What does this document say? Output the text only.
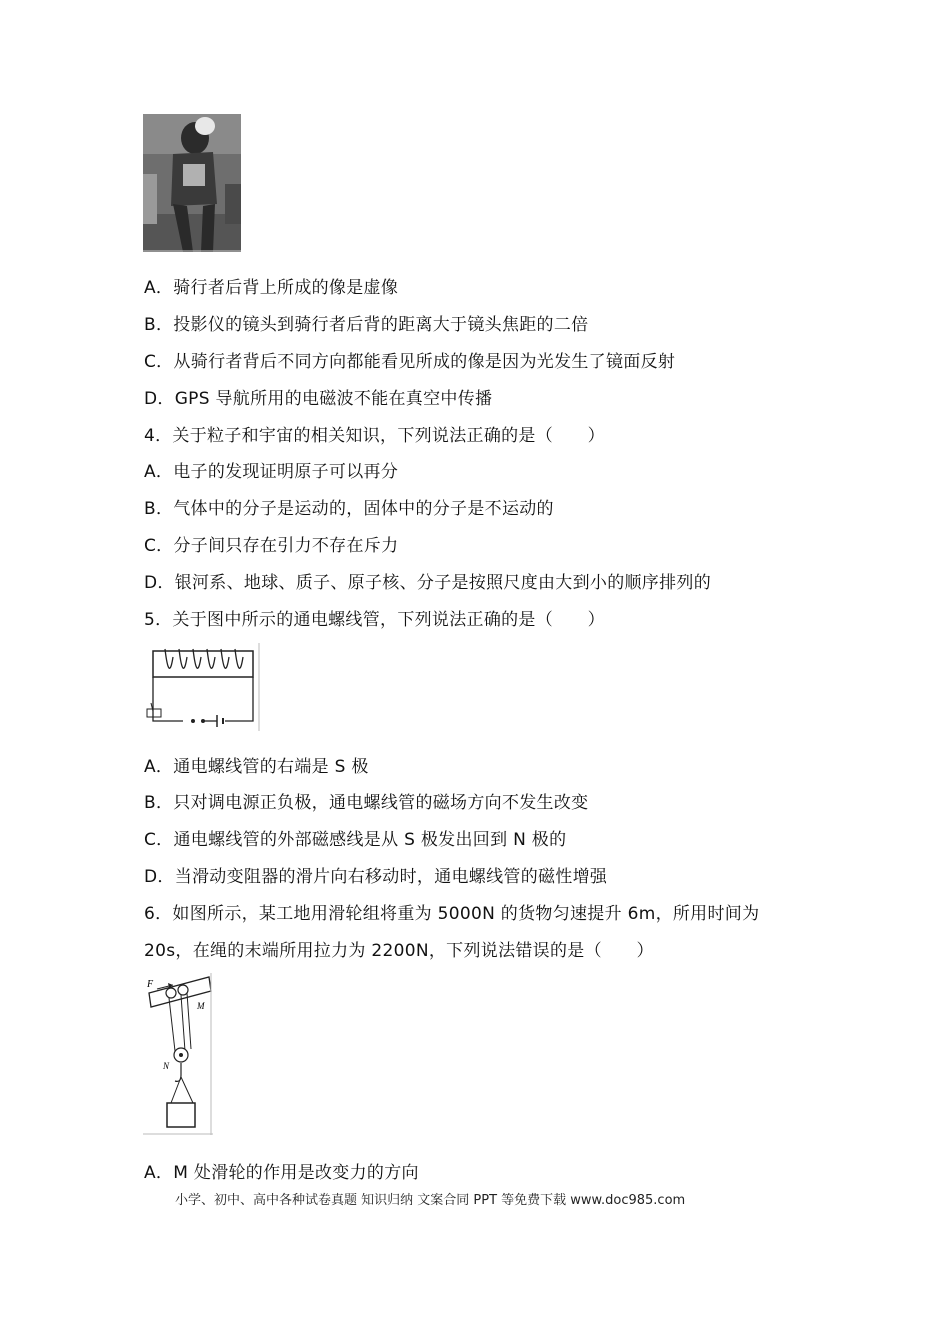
A．骑行者后背上所成的像是虚像
B．投影仪的镜头到骑行者后背的距离大于镜头焦距的二倍
C．从骑行者背后不同方向都能看见所成的像是因为光发生了镜面反射
D．GPS 导航所用的电磁波不能在真空中传播
4．关于粒子和宇宙的相关知识，下列说法正确的是（　　）
A．电子的发现证明原子可以再分
B．气体中的分子是运动的，固体中的分子是不运动的
C．分子间只存在引力不存在斥力
D．银河系、地球、质子、原子核、分子是按照尺度由大到小的顺序排列的
5．关于图中所示的通电螺线管，下列说法正确的是（　　）
A．通电螺线管的右端是 S 极
B．只对调电源正负极，通电螺线管的磁场方向不发生改变
C．通电螺线管的外部磁感线是从 S 极发出回到 N 极的
D．当滑动变阻器的滑片向右移动时，通电螺线管的磁性增强
6．如图所示，某工地用滑轮组将重为 5000N 的货物匀速提升 6m，所用时间为
20s，在绳的末端所用拉力为 2200N，下列说法错误的是（　　）
F
M
N
A．M 处滑轮的作用是改变力的方向
小学、初中、高中各种试卷真题 知识归纳 文案合同 PPT 等免费下载 www.doc985.com
